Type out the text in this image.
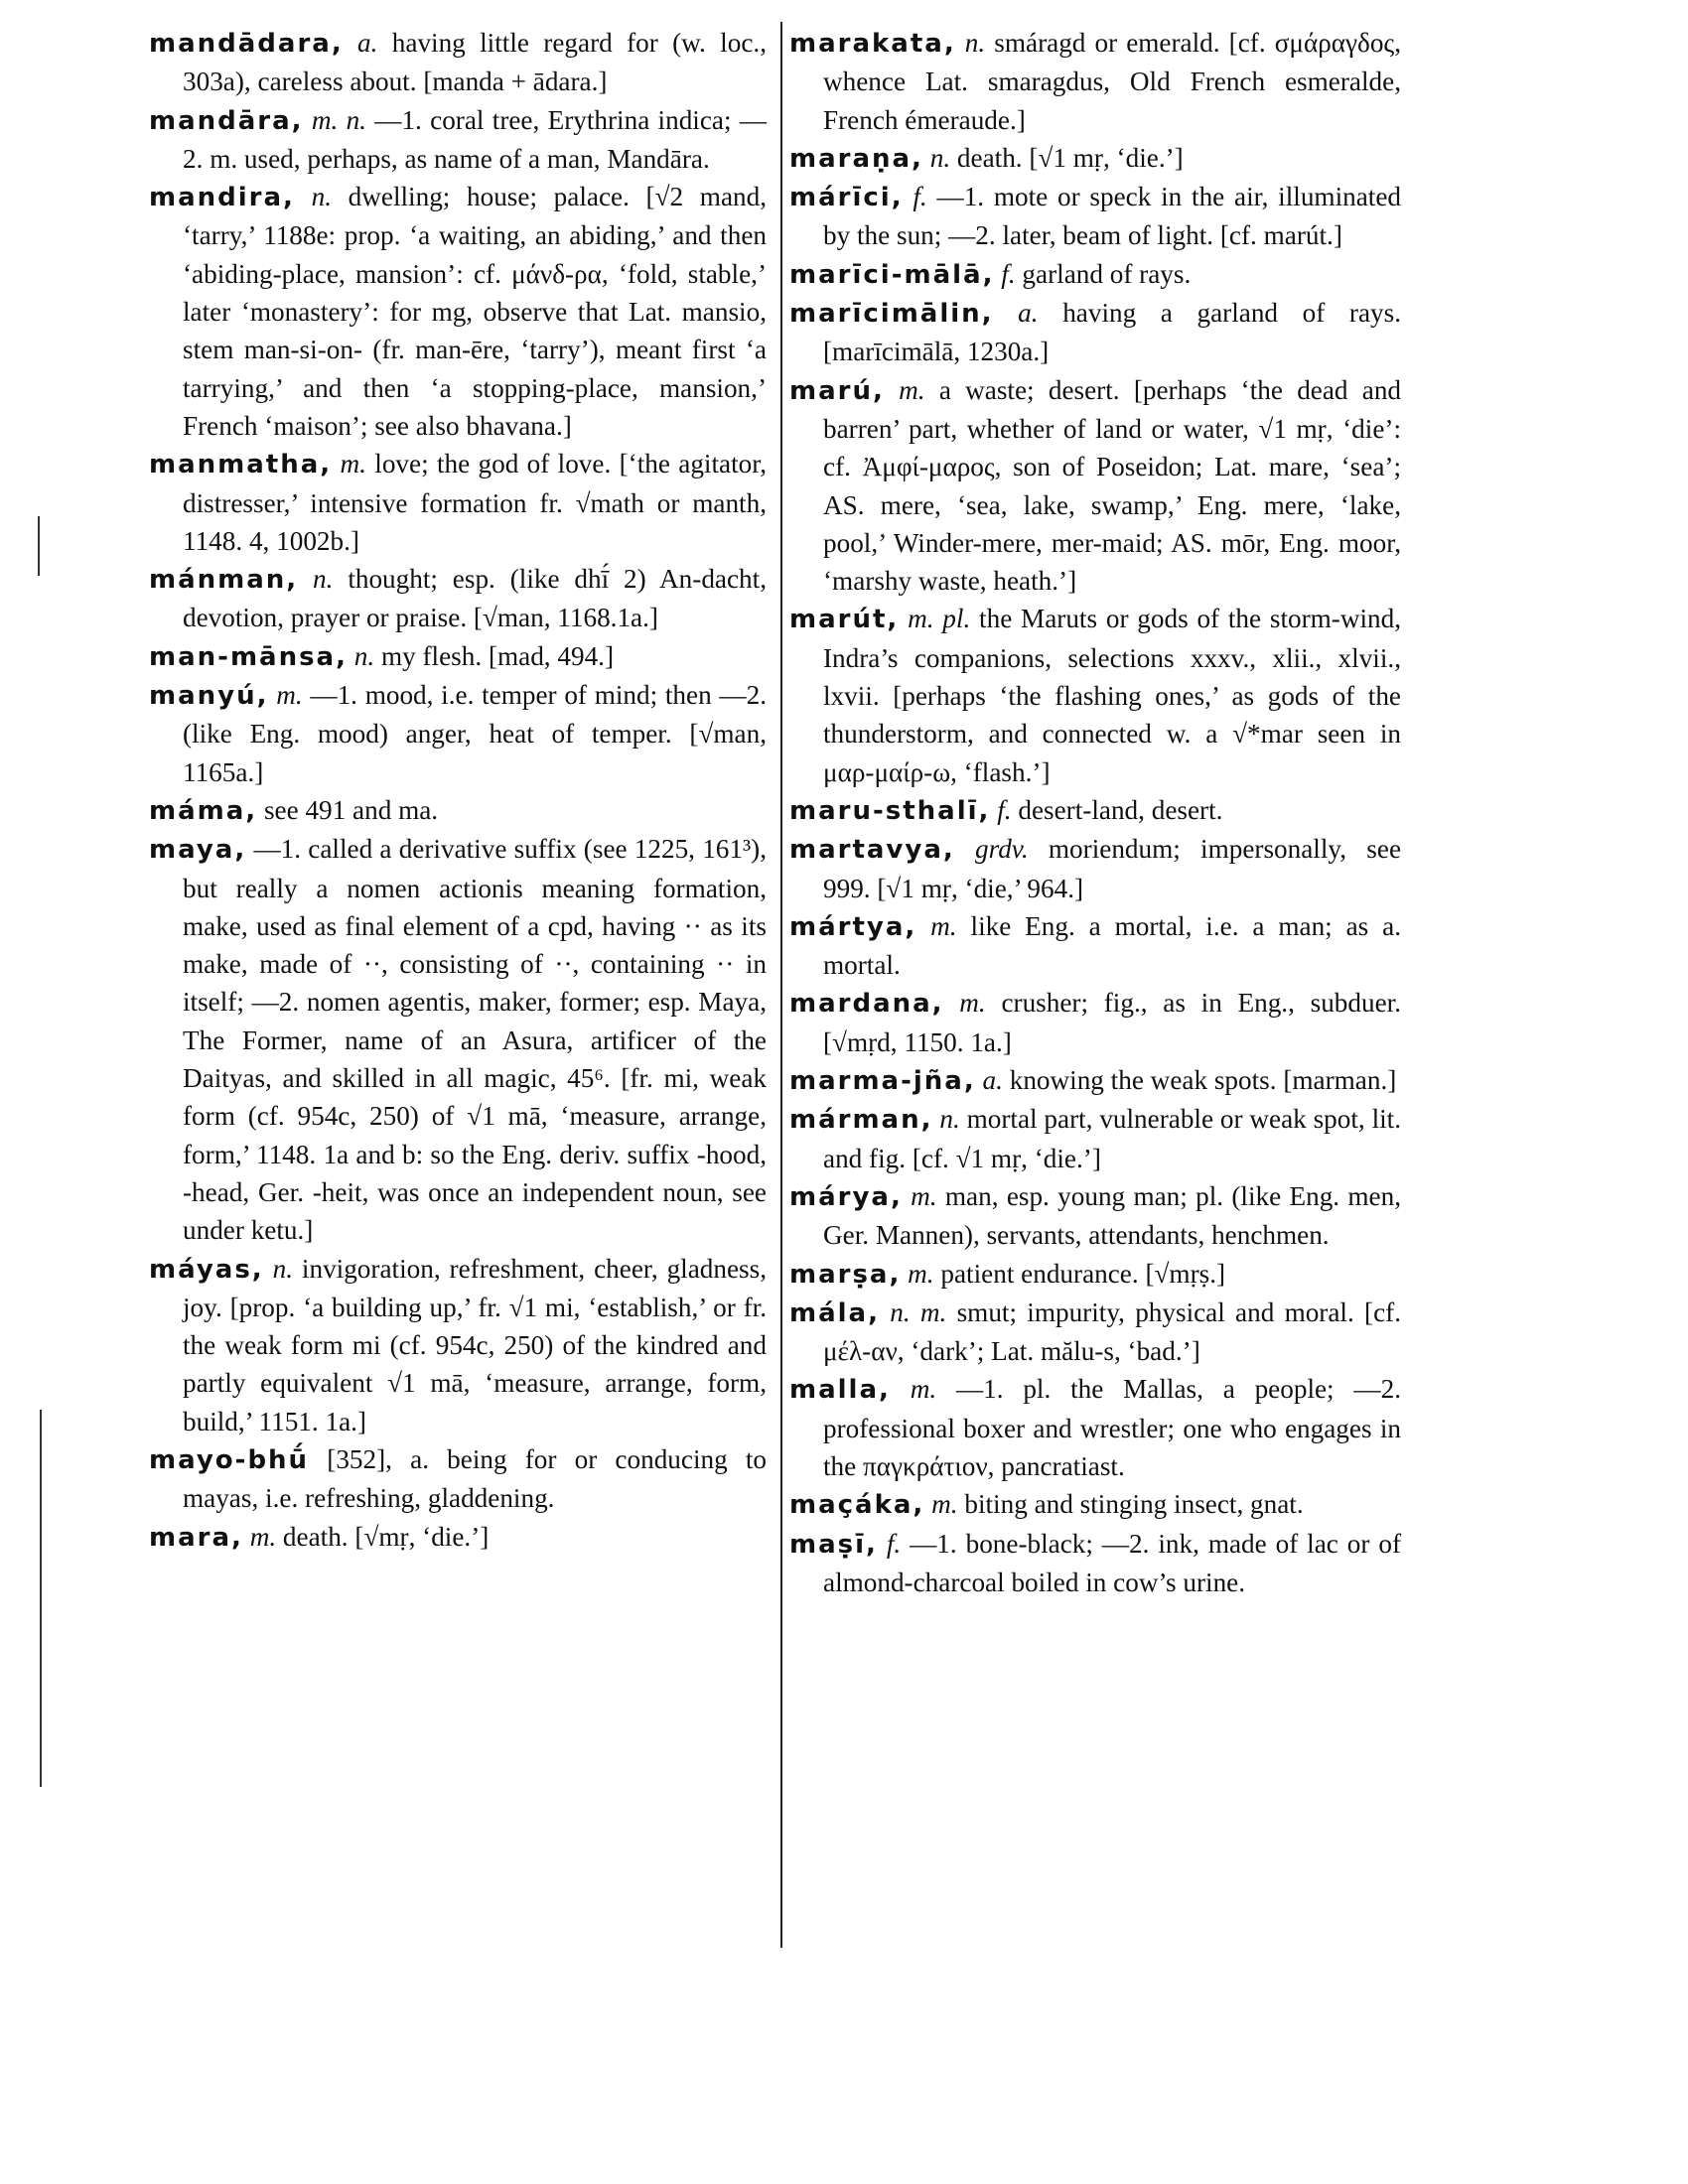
mandādara, a. having little regard for (w. loc., 303a), careless about. [manda + ādara.]

mandāra, m. n. —1. coral tree, Erythrina indica; —2. m. used, perhaps, as name of a man, Mandāra.

mandira, n. dwelling; house; palace. [√2 mand, ‘tarry,’ 1188e: prop. ‘a waiting, an abiding,’ and then ‘abiding-place, mansion’: cf. μάνδ-ρα, ‘fold, stable,’ later ‘monastery’: for mg, observe that Lat. mansio, stem man-si-on- (fr. man-ēre, ‘tarry’), meant first ‘a tarrying,’ and then ‘a stopping-place, mansion,’ French ‘maison’; see also bhavana.]

manmatha, m. love; the god of love. [‘the agitator, distresser,’ intensive formation fr. √math or manth, 1148. 4, 1002b.]

mánman, n. thought; esp. (like dhī́ 2) An-dacht, devotion, prayer or praise. [√man, 1168.1a.]

man-mānsa, n. my flesh. [mad, 494.]

manyú, m. —1. mood, i.e. temper of mind; then —2. (like Eng. mood) anger, heat of temper. [√man, 1165a.]

máma, see 491 and ma.

maya, —1. called a derivative suffix (see 1225, 161³), but really a nomen actionis meaning formation, make, used as final element of a cpd, having ·· as its make, made of ··, consisting of ··, containing ·· in itself; —2. nomen agentis, maker, former; esp. Maya, The Former, name of an Asura, artificer of the Daityas, and skilled in all magic, 45⁶. [fr. mi, weak form (cf. 954c, 250) of √1 mā, ‘measure, arrange, form,’ 1148. 1a and b: so the Eng. deriv. suffix -hood, -head, Ger. -heit, was once an independent noun, see under ketu.]

máyas, n. invigoration, refreshment, cheer, gladness, joy. [prop. ‘a building up,’ fr. √1 mi, ‘establish,’ or fr. the weak form mi (cf. 954c, 250) of the kindred and partly equivalent √1 mā, ‘measure, arrange, form, build,’ 1151. 1a.]

mayo-bhū́ [352], a. being for or conducing to mayas, i.e. refreshing, gladdening.

mara, m. death. [√mṛ, ‘die.’]

marakata, n. smáragd or emerald. [cf. σμάραγδος, whence Lat. smaragdus, Old French esmeralde, French émeraude.]

maraṇa, n. death. [√1 mṛ, ‘die.’]

márīci, f. —1. mote or speck in the air, illuminated by the sun; —2. later, beam of light. [cf. marút.]

marīci-mālā, f. garland of rays.

marīcimālin, a. having a garland of rays. [marīcimālā, 1230a.]

marú, m. a waste; desert. [perhaps ‘the dead and barren’ part, whether of land or water, √1 mṛ, ‘die’: cf. Ἀμφί-μαρος, son of Poseidon; Lat. mare, ‘sea’; AS. mere, ‘sea, lake, swamp,’ Eng. mere, ‘lake, pool,’ Winder-mere, mer-maid; AS. mōr, Eng. moor, ‘marshy waste, heath.’]

marút, m. pl. the Maruts or gods of the storm-wind, Indra’s companions, selections xxxv., xlii., xlvii., lxvii. [perhaps ‘the flashing ones,’ as gods of the thunderstorm, and connected w. a √*mar seen in μαρ-μαίρ-ω, ‘flash.’]

maru-sthalī, f. desert-land, desert.

martavya, grdv. moriendum; impersonally, see 999. [√1 mṛ, ‘die,’ 964.]

mártya, m. like Eng. a mortal, i.e. a man; as a. mortal.

mardana, m. crusher; fig., as in Eng., subduer. [√mṛd, 1150. 1a.]

marma-jña, a. knowing the weak spots. [marman.]

márman, n. mortal part, vulnerable or weak spot, lit. and fig. [cf. √1 mṛ, ‘die.’]

márya, m. man, esp. young man; pl. (like Eng. men, Ger. Mannen), servants, attendants, henchmen.

marṣa, m. patient endurance. [√mṛṣ.]

mála, n. m. smut; impurity, physical and moral. [cf. μέλ-αν, ‘dark’; Lat. mălu-s, ‘bad.’]

malla, m. —1. pl. the Mallas, a people; —2. professional boxer and wrestler; one who engages in the παγκράτιον, pancratiast.

maçáka, m. biting and stinging insect, gnat.

maṣī, f. —1. bone-black; —2. ink, made of lac or of almond-charcoal boiled in cow’s urine.
